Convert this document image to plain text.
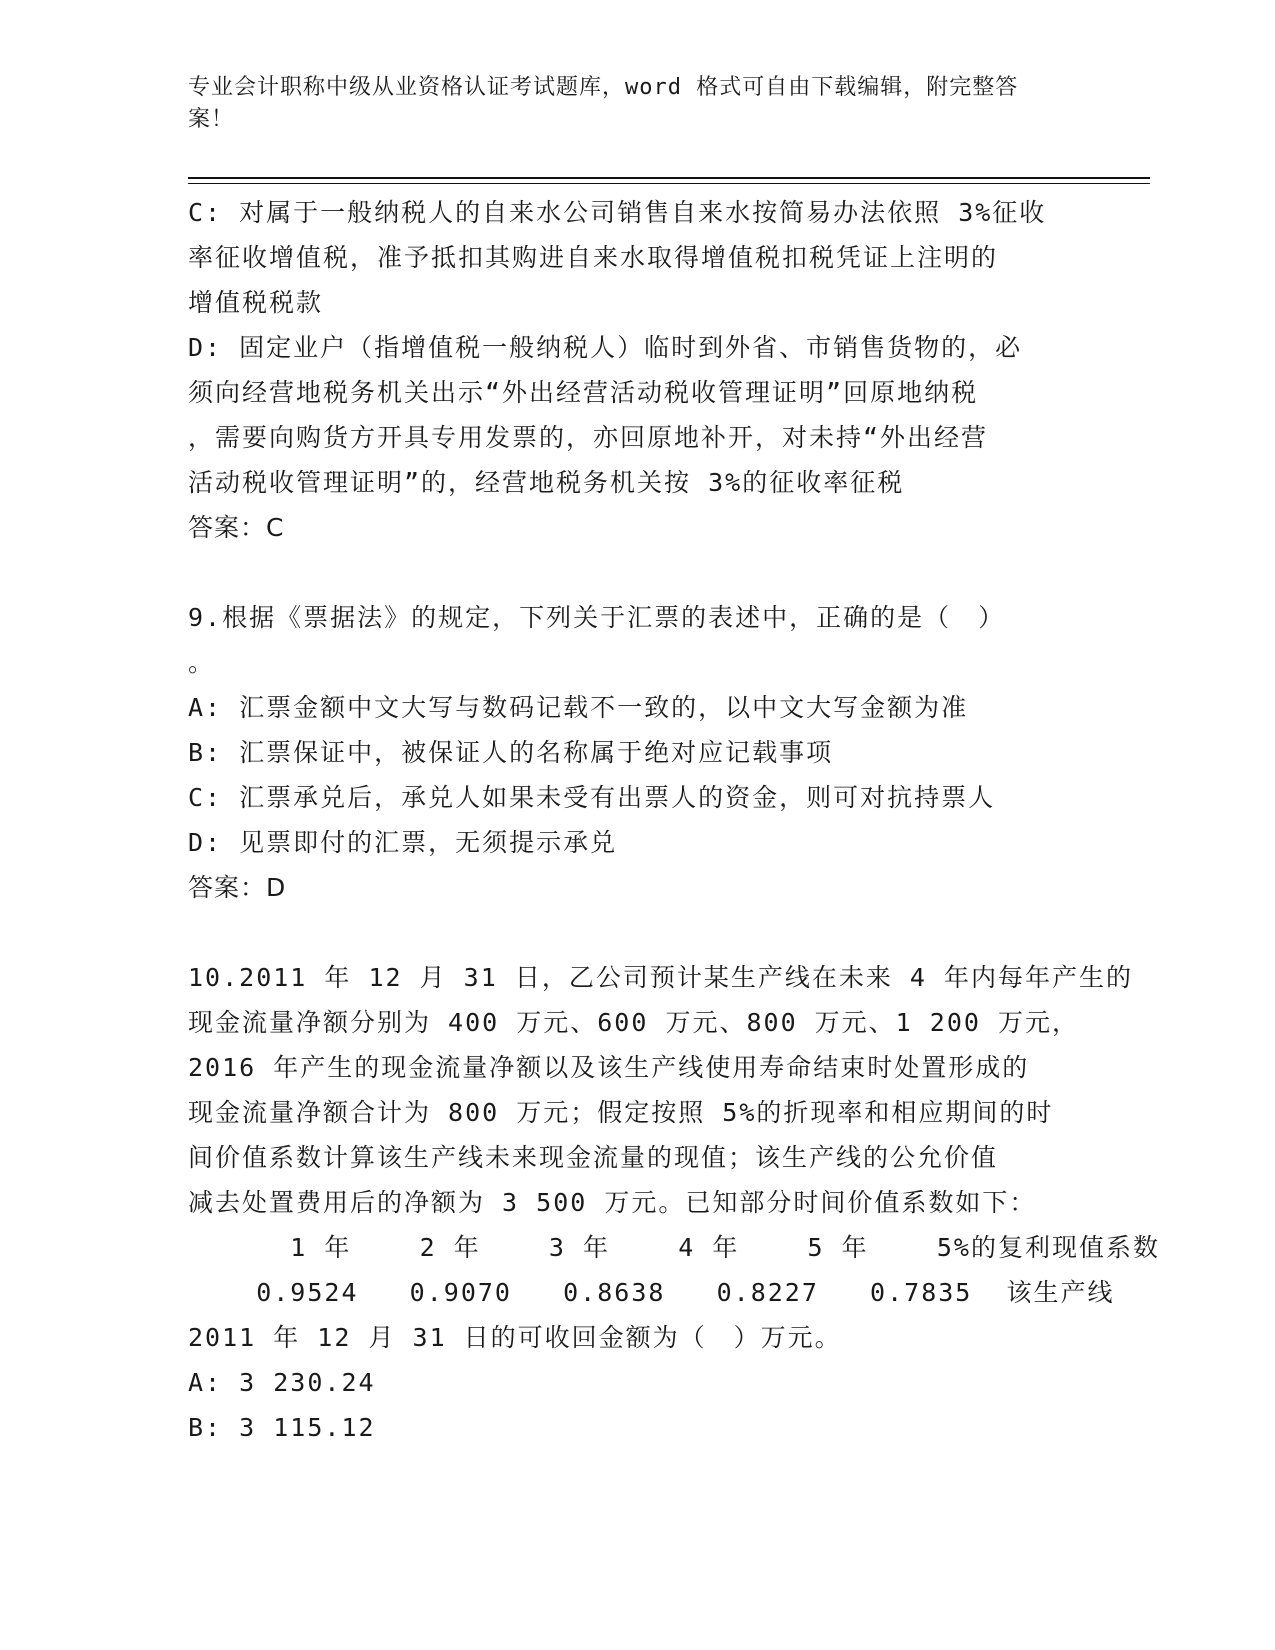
专业会计职称中级从业资格认证考试题库，word 格式可自由下载编辑，附完整答
案！
C: 对属于一般纳税人的自来水公司销售自来水按简易办法依照 3%征收
率征收增值税，准予抵扣其购进自来水取得增值税扣税凭证上注明的
增值税税款
D: 固定业户（指增值税一般纳税人）临时到外省、市销售货物的，必
须向经营地税务机关出示“外出经营活动税收管理证明”回原地纳税
，需要向购货方开具专用发票的，亦回原地补开，对未持“外出经营
活动税收管理证明”的，经营地税务机关按 3%的征收率征税
答案：C
9.根据《票据法》的规定，下列关于汇票的表述中，正确的是（　）
。
A: 汇票金额中文大写与数码记载不一致的，以中文大写金额为准
B: 汇票保证中，被保证人的名称属于绝对应记载事项
C: 汇票承兑后，承兑人如果未受有出票人的资金，则可对抗持票人
D: 见票即付的汇票，无须提示承兑
答案：D
10.2011 年 12 月 31 日，乙公司预计某生产线在未来 4 年内每年产生的
现金流量净额分别为 400 万元、600 万元、800 万元、1 200 万元，
2016 年产生的现金流量净额以及该生产线使用寿命结束时处置形成的
现金流量净额合计为 800 万元；假定按照 5%的折现率和相应期间的时
间价值系数计算该生产线未来现金流量的现值；该生产线的公允价值
减去处置费用后的净额为 3 500 万元。已知部分时间价值系数如下：
1 年    2 年    3 年    4 年    5 年    5%的复利现值系数
0.9524   0.9070   0.8638   0.8227   0.7835  该生产线
2011 年 12 月 31 日的可收回金额为（　）万元。
A: 3 230.24
B: 3 115.12
